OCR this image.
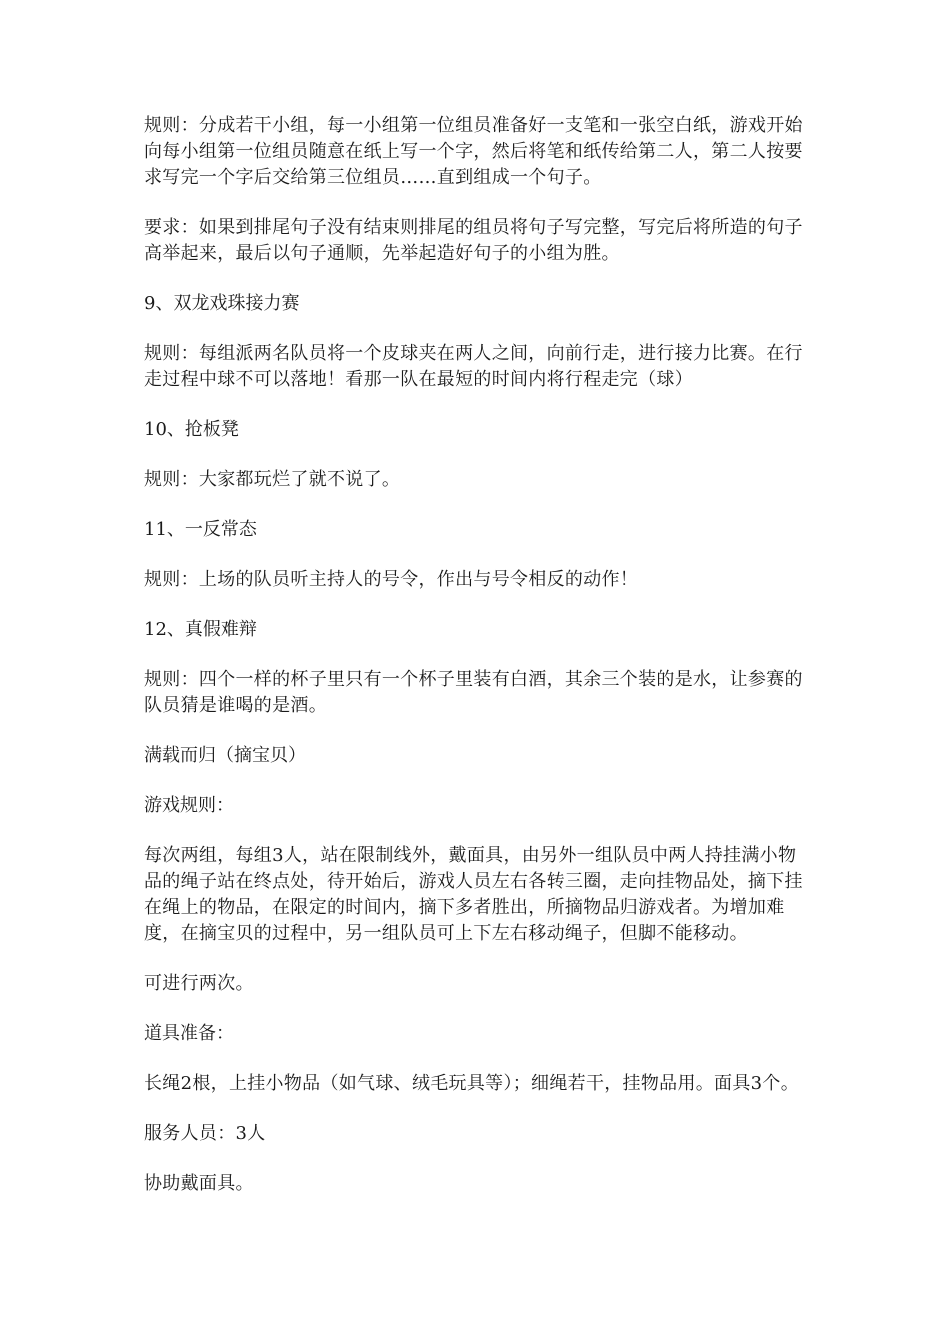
规则：分成若干小组，每一小组第一位组员准备好一支笔和一张空白纸，游戏开始向每小组第一位组员随意在纸上写一个字，然后将笔和纸传给第二人，第二人按要求写完一个字后交给第三位组员……直到组成一个句子。

要求：如果到排尾句子没有结束则排尾的组员将句子写完整，写完后将所造的句子高举起来，最后以句子通顺，先举起造好句子的小组为胜。

9、双龙戏珠接力赛

规则：每组派两名队员将一个皮球夹在两人之间，向前行走，进行接力比赛。在行走过程中球不可以落地！看那一队在最短的时间内将行程走完（球）

10、抢板凳

规则：大家都玩烂了就不说了。

11、一反常态

规则：上场的队员听主持人的号令，作出与号令相反的动作！

12、真假难辩

规则：四个一样的杯子里只有一个杯子里装有白酒，其余三个装的是水，让参赛的队员猜是谁喝的是酒。

满载而归（摘宝贝）

游戏规则：

每次两组，每组3人，站在限制线外，戴面具，由另外一组队员中两人持挂满小物品的绳子站在终点处，待开始后，游戏人员左右各转三圈，走向挂物品处，摘下挂在绳上的物品，在限定的时间内，摘下多者胜出，所摘物品归游戏者。为增加难度，在摘宝贝的过程中，另一组队员可上下左右移动绳子，但脚不能移动。

可进行两次。

道具准备：

长绳2根，上挂小物品（如气球、绒毛玩具等）；细绳若干，挂物品用。面具3个。

服务人员：3人

协助戴面具。
